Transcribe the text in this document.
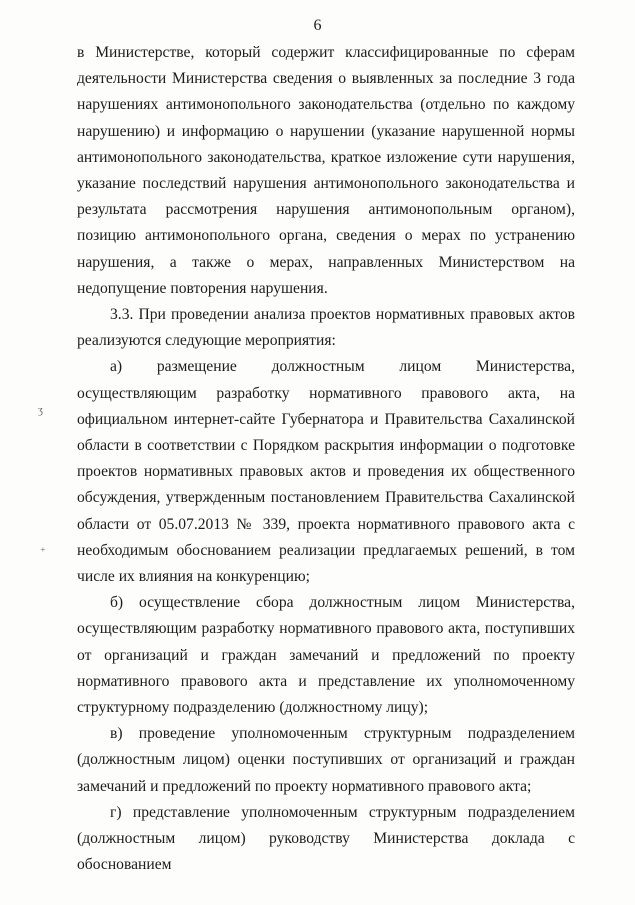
6
ʒ
⁺

в Министерстве, который содержит классифицированные по сферам деятельности Министерства сведения о выявленных за последние 3 года нарушениях антимонопольного законодательства (отдельно по каждому нарушению) и информацию о нарушении (указание нарушенной нормы антимонопольного законодательства, краткое изложение сути нарушения, указание последствий нарушения антимонопольного законодательства и результата рассмотрения нарушения антимонопольным органом), позицию антимонопольного органа, сведения о мерах по устранению нарушения, а также о мерах, направленных Министерством на недопущение повторения нарушения.

3.3. При проведении анализа проектов нормативных правовых актов реализуются следующие мероприятия:

а) размещение должностным лицом Министерства, осуществляющим разработку нормативного правового акта, на официальном интернет-сайте Губернатора и Правительства Сахалинской области в соответствии с Порядком раскрытия информации о подготовке проектов нормативных правовых актов и проведения их общественного обсуждения, утвержденным постановлением Правительства Сахалинской области от 05.07.2013 № 339, проекта нормативного правового акта с необходимым обоснованием реализации предлагаемых решений, в том числе их влияния на конкуренцию;

б) осуществление сбора должностным лицом Министерства, осуществляющим разработку нормативного правового акта, поступивших от организаций и граждан замечаний и предложений по проекту нормативного правового акта и представление их уполномоченному структурному подразделению (должностному лицу);

в) проведение уполномоченным структурным подразделением (должностным лицом) оценки поступивших от организаций и граждан замечаний и предложений по проекту нормативного правового акта;

г) представление уполномоченным структурным подразделением (должностным лицом) руководству Министерства доклада с обоснованием
